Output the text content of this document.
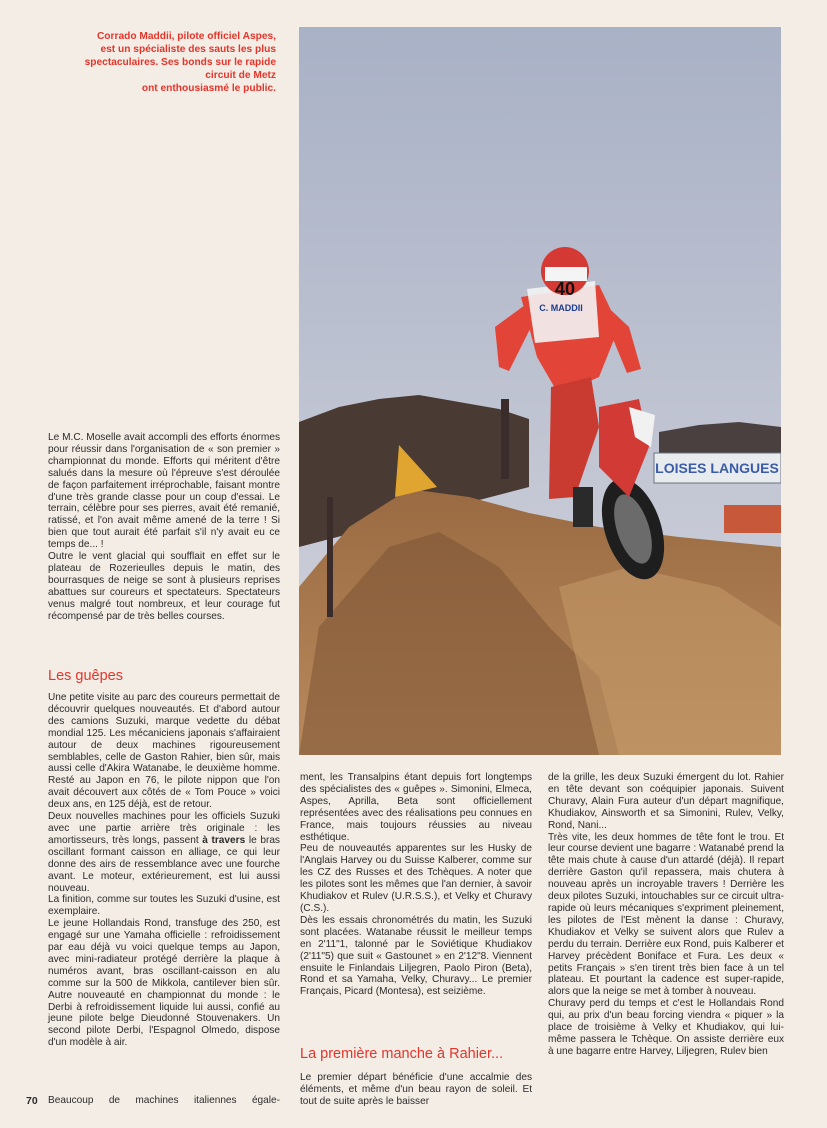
Corrado Maddii, pilote officiel Aspes,
est un spécialiste des sauts les plus
spectaculaires. Ses bonds sur le rapide
circuit de Metz
ont enthousiasmé le public.
LOISES LANGUES
40
C. MADDII

Le M.C. Moselle avait accompli des efforts énormes pour réussir dans l'organisation de « son premier » championnat du monde. Efforts qui méritent d'être salués dans la mesure où l'épreuve s'est déroulée de façon parfaitement irréprochable, faisant montre d'une très grande classe pour un coup d'essai. Le terrain, célèbre pour ses pierres, avait été remanié, ratissé, et l'on avait même amené de la terre ! Si bien que tout aurait été parfait s'il n'y avait eu ce temps de... !

Outre le vent glacial qui soufflait en effet sur le plateau de Rozerieulles depuis le matin, des bourrasques de neige se sont à plusieurs reprises abattues sur coureurs et spectateurs. Spectateurs venus malgré tout nombreux, et leur courage fut récompensé par de très belles courses.

Les guêpes

Une petite visite au parc des coureurs permettait de découvrir quelques nouveautés. Et d'abord autour des camions Suzuki, marque vedette du débat mondial 125. Les mécaniciens japonais s'affairaient autour de deux machines rigoureusement semblables, celle de Gaston Rahier, bien sûr, mais aussi celle d'Akira Watanabe, le deuxième homme. Resté au Japon en 76, le pilote nippon que l'on avait découvert aux côtés de « Tom Pouce » voici deux ans, en 125 déjà, est de retour.

Deux nouvelles machines pour les officiels Suzuki avec une partie arrière très originale : les amortisseurs, très longs, passent à travers le bras oscillant formant caisson en alliage, ce qui leur donne des airs de ressemblance avec une fourche avant. Le moteur, extérieurement, est lui aussi nouveau.

La finition, comme sur toutes les Suzuki d'usine, est exemplaire.

Le jeune Hollandais Rond, transfuge des 250, est engagé sur une Yamaha officielle : refroidissement par eau déjà vu voici quelque temps au Japon, avec mini-radiateur protégé derrière la plaque à numéros avant, bras oscillant-caisson en alu comme sur la 500 de Mikkola, cantilever bien sûr. Autre nouveauté en championnat du monde : le Derbi à refroidissement liquide lui aussi, confié au jeune pilote belge Dieudonné Stouvenakers. Un second pilote Derbi, l'Espagnol Olmedo, dispose d'un modèle à air.

70 Beaucoup de machines italiennes égale-

ment, les Transalpins étant depuis fort longtemps des spécialistes des « guêpes ». Simonini, Elmeca, Aspes, Aprilla, Beta sont officiellement représentées avec des réalisations peu connues en France, mais toujours réussies au niveau esthétique.

Peu de nouveautés apparentes sur les Husky de l'Anglais Harvey ou du Suisse Kalberer, comme sur les CZ des Russes et des Tchèques. A noter que les pilotes sont les mêmes que l'an dernier, à savoir Khudiakov et Rulev (U.R.S.S.), et Velky et Churavy (C.S.).

Dès les essais chronométrés du matin, les Suzuki sont placées. Watanabe réussit le meilleur temps en 2'11"1, talonné par le Soviétique Khudiakov (2'11"5) que suit « Gastounet » en 2'12"8. Viennent ensuite le Finlandais Liljegren, Paolo Piron (Beta), Rond et sa Yamaha, Velky, Churavy... Le premier Français, Picard (Montesa), est seizième.

La première manche à Rahier...

Le premier départ bénéficie d'une accalmie des éléments, et même d'un beau rayon de soleil. Et tout de suite après le baisser

de la grille, les deux Suzuki émergent du lot. Rahier en tête devant son coéquipier japonais. Suivent Churavy, Alain Fura auteur d'un départ magnifique, Khudiakov, Ainsworth et sa Simonini, Rulev, Velky, Rond, Nani...

Très vite, les deux hommes de tête font le trou. Et leur course devient une bagarre : Watanabé prend la tête mais chute à cause d'un attardé (déjà). Il repart derrière Gaston qu'il repassera, mais chutera à nouveau après un incroyable travers ! Derrière les deux pilotes Suzuki, intouchables sur ce circuit ultra-rapide où leurs mécaniques s'expriment pleinement, les pilotes de l'Est mènent la danse : Churavy, Khudiakov et Velky se suivent alors que Rulev a perdu du terrain. Derrière eux Rond, puis Kalberer et Harvey précèdent Boniface et Fura. Les deux « petits Français » s'en tirent très bien face à un tel plateau. Et pourtant la cadence est super-rapide, alors que la neige se met à tomber à nouveau.

Churavy perd du temps et c'est le Hollandais Rond qui, au prix d'un beau forcing viendra « piquer » la place de troisième à Velky et Khudiakov, qui lui-même passera le Tchèque. On assiste derrière eux à une bagarre entre Harvey, Liljegren, Rulev bien
